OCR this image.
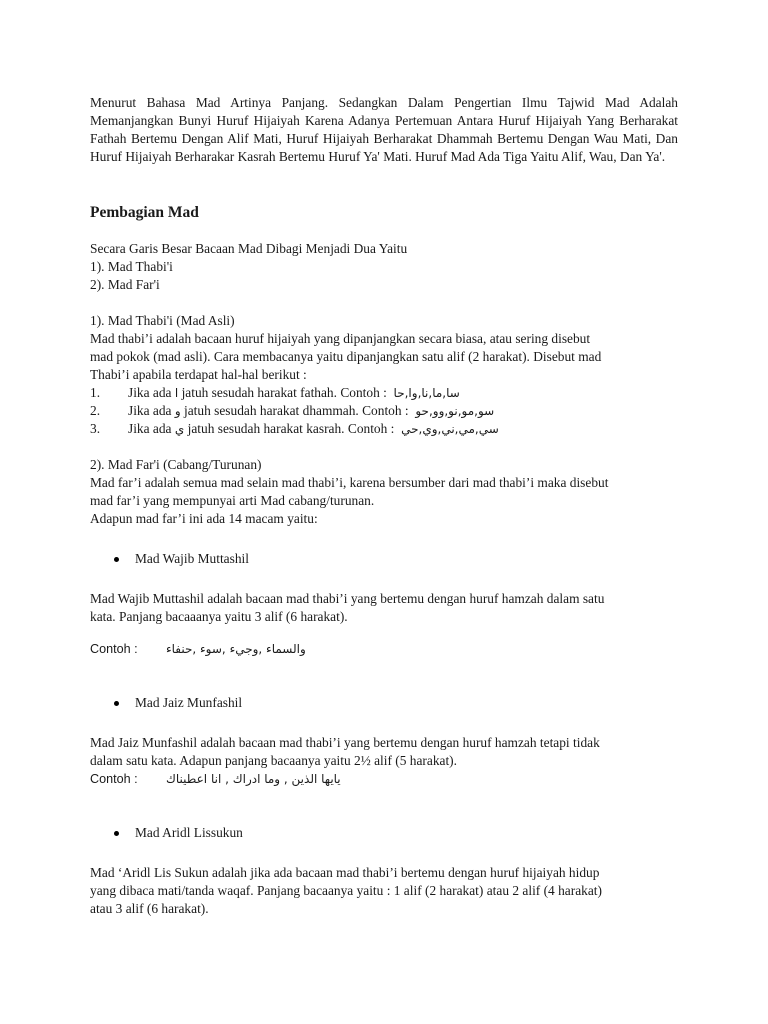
Menurut Bahasa Mad Artinya Panjang. Sedangkan Dalam Pengertian Ilmu Tajwid Mad Adalah Memanjangkan Bunyi Huruf Hijaiyah Karena Adanya Pertemuan Antara Huruf Hijaiyah Yang Berharakat Fathah Bertemu Dengan Alif Mati, Huruf Hijaiyah Berharakat Dhammah Bertemu Dengan Wau Mati, Dan Huruf Hijaiyah Berharakar Kasrah Bertemu Huruf Ya' Mati. Huruf Mad Ada Tiga Yaitu Alif, Wau, Dan Ya'.

Pembagian Mad
Secara Garis Besar Bacaan Mad Dibagi Menjadi Dua Yaitu
1). Mad Thabi'i
2). Mad Far'i
1). Mad Thabi'i (Mad Asli)
Mad thabi’i adalah bacaan huruf hijaiyah yang dipanjangkan secara biasa, atau sering disebut
mad pokok (mad asli). Cara membacanya yaitu dipanjangkan satu alif (2 harakat). Disebut mad
Thabi’i apabila terdapat hal-hal berikut :
1.	Jika ada ا jatuh sesudah harakat fathah. Contoh : سا,ما,نا,وا,حا
2.	Jika ada و jatuh sesudah harakat dhammah. Contoh : سو,مو,نو,وو,حو
3.	Jika ada ي jatuh sesudah harakat kasrah. Contoh : سي,مي,ني,وي,حي
2). Mad Far'i (Cabang/Turunan)
Mad far’i adalah semua mad selain mad thabi’i, karena bersumber dari mad thabi’i maka disebut
mad far’i yang mempunyai arti Mad cabang/turunan.
Adapun mad far’i ini ada 14 macam yaitu:
Mad Wajib Muttashil
Mad Wajib Muttashil adalah bacaan mad thabi’i yang bertemu dengan huruf hamzah dalam satu
kata. Panjang bacaaanya yaitu 3 alif (6 harakat).
Contoh :	والسماء ,وجيء ,سوء ,حنفاء
Mad Jaiz Munfashil
Mad Jaiz Munfashil adalah bacaan mad thabi’i yang bertemu dengan huruf hamzah tetapi tidak
dalam satu kata. Adapun panjang bacaanya yaitu 2½ alif (5 harakat).
Contoh :	يايها الذين , وما ادراك , انا اعطيناك
Mad Aridl Lissukun
Mad ‘Aridl Lis Sukun adalah jika ada bacaan mad thabi’i bertemu dengan huruf hijaiyah hidup
yang dibaca mati/tanda waqaf. Panjang bacaanya yaitu : 1 alif (2 harakat) atau 2 alif (4 harakat)
atau 3 alif (6 harakat).
